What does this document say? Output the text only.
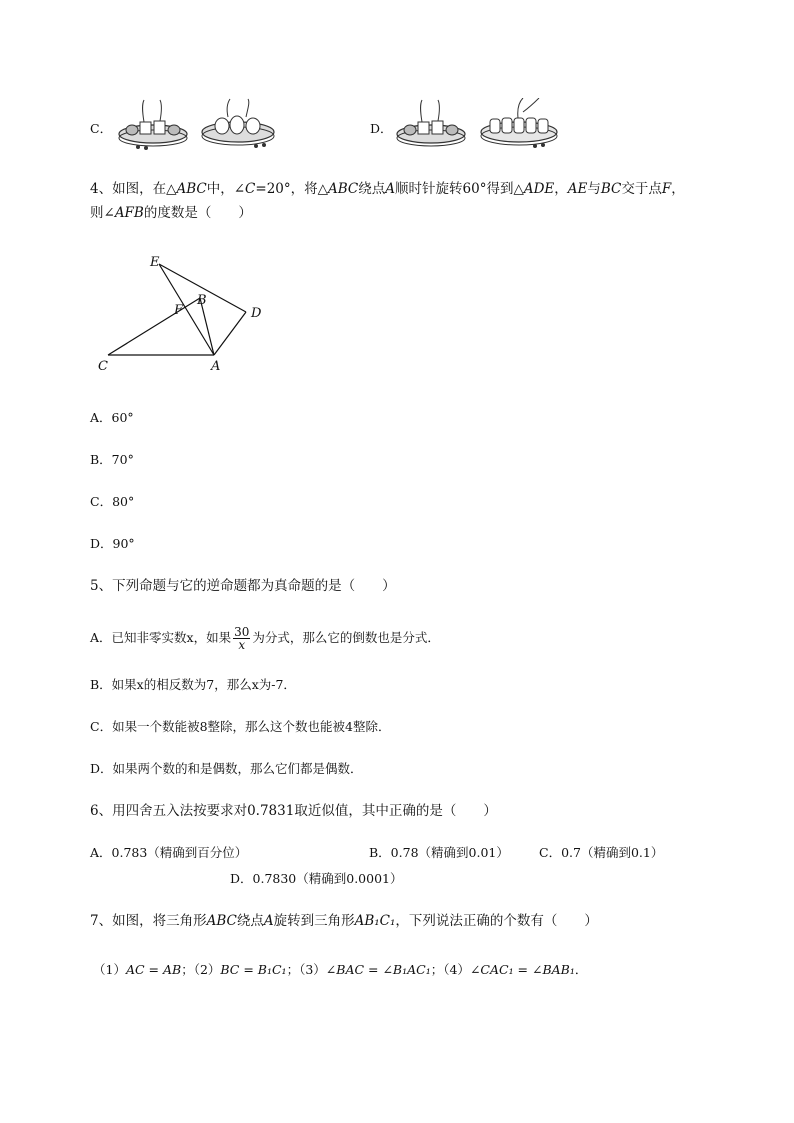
C．	D．
4、如图，在△ABC中，∠C=20°，将△ABC绕点A顺时针旋转60°得到△ADE，AE与BC交于点F，
则∠AFB的度数是（　　）
E
B
F	D
C	A
A．60°
B．70°
C．80°
D．90°
5、下列命题与它的逆命题都为真命题的是（　　）
A．已知非零实数x，如果 $\frac{30}{x}$ 为分式，那么它的倒数也是分式．
B．如果x的相反数为7，那么x为-7．
C．如果一个数能被8整除，那么这个数也能被4整除．
D．如果两个数的和是偶数，那么它们都是偶数．
6、用四舍五入法按要求对0.7831取近似值，其中正确的是（　　）
A．0.783（精确到百分位）	B．0.78（精确到0.01） C．0.7（精确到0.1）
D．0.7830（精确到0.0001）
7、如图，将三角形ABC绕点A旋转到三角形AB₁C₁，下列说法正确的个数有（　　）
（1）AC = AB；（2）BC = B₁C₁；（3）∠BAC = ∠B₁AC₁；（4）∠CAC₁ = ∠BAB₁．
